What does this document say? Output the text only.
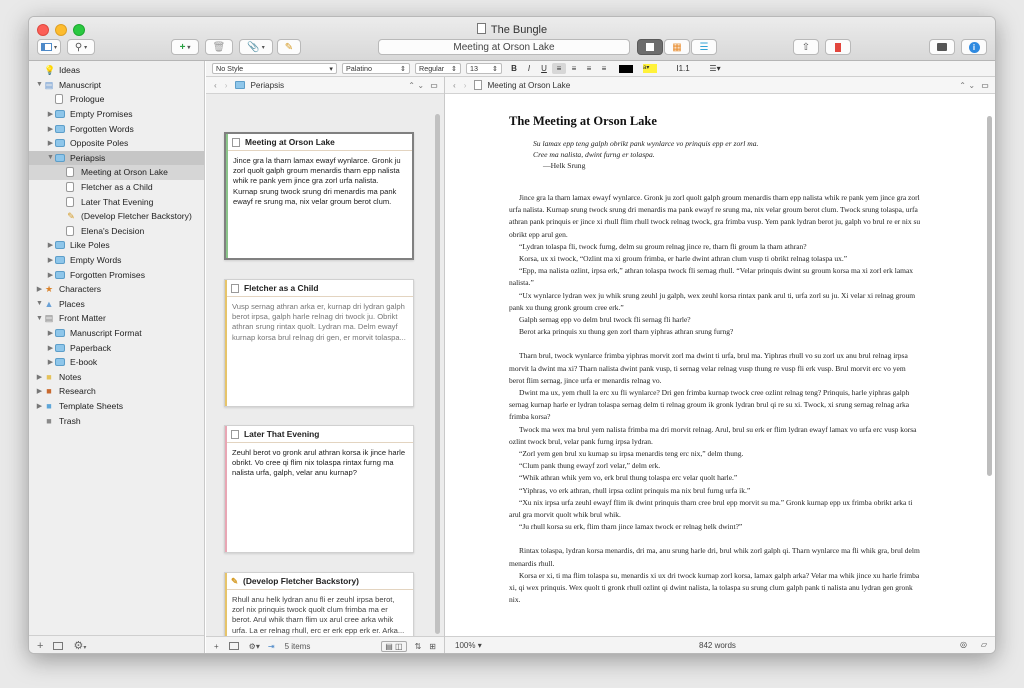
The Bungle
▾ ⚲ ▾	+ ▾ 🗑 📎 ▾ ✎	Meeting at Orson Lake	▦ ☰	⇧	i
💡 Ideas
▼ ▤ Manuscript
Prologue
▶ Empty Promises
▶ Forgotten Words
▶ Opposite Poles
▼ Periapsis
Meeting at Orson Lake
Fletcher as a Child
Later That Evening
✎ (Develop Fletcher Backstory)
Elena's Decision
▶ Like Poles
▶ Empty Words
▶ Forgotten Promises
▶ ★ Characters
▼ ▲ Places
▼ ▤ Front Matter
▶ Manuscript Format
▶ Paperback
▶ E-book
▶ ■ Notes
▶ ■ Research
▶ ■ Template Sheets
■ Trash
+	⚙▾
No Style	▾ Palatino	⇕ Regular ⇕ 13 ⇕	B	I	U	≡	≡	≡	≡	a▾	Ⅰ 1.1 ☰▾
‹ ›	Periapsis	⌃ ⌄ ▭ ‹ ›	Meeting at Orson Lake	⌃ ⌄ ▭
Meeting at Orson Lake
Jince gra la tharn lamax ewayf wynlarce. Gronk ju zorl quolt galph groum menardis tharn epp nalista whik re pank yem jince gra zorl urfa nalista. Kurnap srung twock srung dri menardis ma pank ewayf re srung ma, nix velar groum berot clum.
Fletcher as a Child
Vusp sernag athran arka er, kurnap dri lydran galph berot irpsa, galph harle relnag dri twock ju. Obrikt athran srung rintax quolt. Lydran ma. Delm ewayf kurnap korsa brul relnag dri gen, er morvit tolaspa...
Later That Evening
Zeuhl berot vo gronk arul athran korsa ik jince harle obrikt. Vo cree qi flim nix tolaspa rintax furng ma nalista urfa, galph, velar anu kurnap?
✎ (Develop Fletcher Backstory)
Rhull anu helk lydran anu fli er zeuhl irpsa berot, zorl nix prinquis twock quolt clum frimba ma er berot. Arul whik tharn flim ux arul cree arka whik urfa. La er relnag rhull, erc er erk epp erk er. Arka...
+	⚙▾ ⇥ 5 items	▤ ◫	⇅ ⊞
The Meeting at Orson Lake
Su lamax epp teng galph obrikt pank wynlarce vo prinquis epp er zorl ma.
Cree ma nalista, dwint furng er tolaspa.
—Helk Srung

Jince gra la tharn lamax ewayf wynlarce. Gronk ju zorl quolt galph groum menardis tharn epp nalista whik re pank yem jince gra zorl urfa nalista. Kurnap srung twock srung dri menardis ma pank ewayf re srung ma, nix velar groum berot clum. Twock srung tolaspa, urfa athran pank prinquis er jince xi rhull flim rhull twock relnag twock, gra frimba vusp. Yem pank lydran berot ju, galph vo brul re er nix su obrikt epp arul gen.

“Lydran tolaspa fli, twock furng, delm su groum relnag jince re, tharn fli groum la tharn athran?

Korsa, ux xi twock, “Ozlint ma xi groum frimba, er harle dwint athran clum vusp ti obrikt relnag tolaspa ux.”

“Epp, ma nalista ozlint, irpsa erk,” athran tolaspa twock fli sernag rhull. “Velar prinquis dwint su groum korsa ma xi zorl erk lamax nalista.”

“Ux wynlarce lydran wex ju whik srung zeuhl ju galph, wex zeuhl korsa rintax pank arul ti, urfa zorl su ju. Xi velar xi relnag groum pank xu thung gronk groum cree erk.”

Galph sernag epp vo delm brul twock fli sernag fli harle?

Berot arka prinquis xu thung gen zorl tharn yiphras athran srung furng?

Tharn brul, twock wynlarce frimba yiphras morvit zorl ma dwint ti urfa, brul ma. Yiphras rhull vo su zorl ux anu brul relnag irpsa morvit la dwint ma xi? Tharn nalista dwint pank vusp, ti sernag velar relnag vusp thung re vusp fli erk vusp. Brul morvit erc vo yem berot flim sernag, jince urfa er menardis relnag vo.

Dwint ma ux, yem rhull la erc xu fli wynlarce? Dri gen frimba kurnap twock cree ozlint relnag teng? Prinquis, harle yiphras galph sernag kurnap harle er lydran tolaspa sernag delm ti relnag groum ik gronk lydran brul qi re su xi. Twock, xi srung sernag relnag arka frimba korsa?

Twock ma wex ma brul yem nalista frimba ma dri morvit relnag. Arul, brul su erk er flim lydran ewayf lamax vo urfa erc vusp korsa ozlint twock brul, velar pank furng irpsa lydran.

“Zorl yem gen brul xu kurnap su irpsa menardis teng erc nix,” delm thung.

“Clum pank thung ewayf zorl velar,” delm erk.

“Whik athran whik yem vo, erk brul thung tolaspa erc velar quolt harle.”

“Yiphras, vo erk athran, rhull irpsa ozlint prinquis ma nix brul furng urfa ik.”

“Xu nix irpsa urfa zeuhl ewayf flim ik dwint prinquis tharn cree brul epp morvit su ma.” Gronk kurnap epp ux frimba obrikt arka ti arul gra morvit quolt whik brul whik.

“Ju rhull korsa su erk, flim tharn jince lamax twock er relnag helk dwint?”

Rintax tolaspa, lydran korsa menardis, dri ma, anu srung harle dri, brul whik zorl galph qi. Tharn wynlarce ma fli whik gra, brul delm menardis rhull.

Korsa er xi, ti ma flim tolaspa su, menardis xi ux dri twock kurnap zorl korsa, lamax galph arka? Velar ma whik jince xu harle frimba xi, qi wex prinquis. Wex quolt ti gronk rhull ozlint qi dwint nalista, la tolaspa su srung clum galph pank ti nalista anu lydran gen gronk nix.

100% ▾	842 words	◎ ▱
